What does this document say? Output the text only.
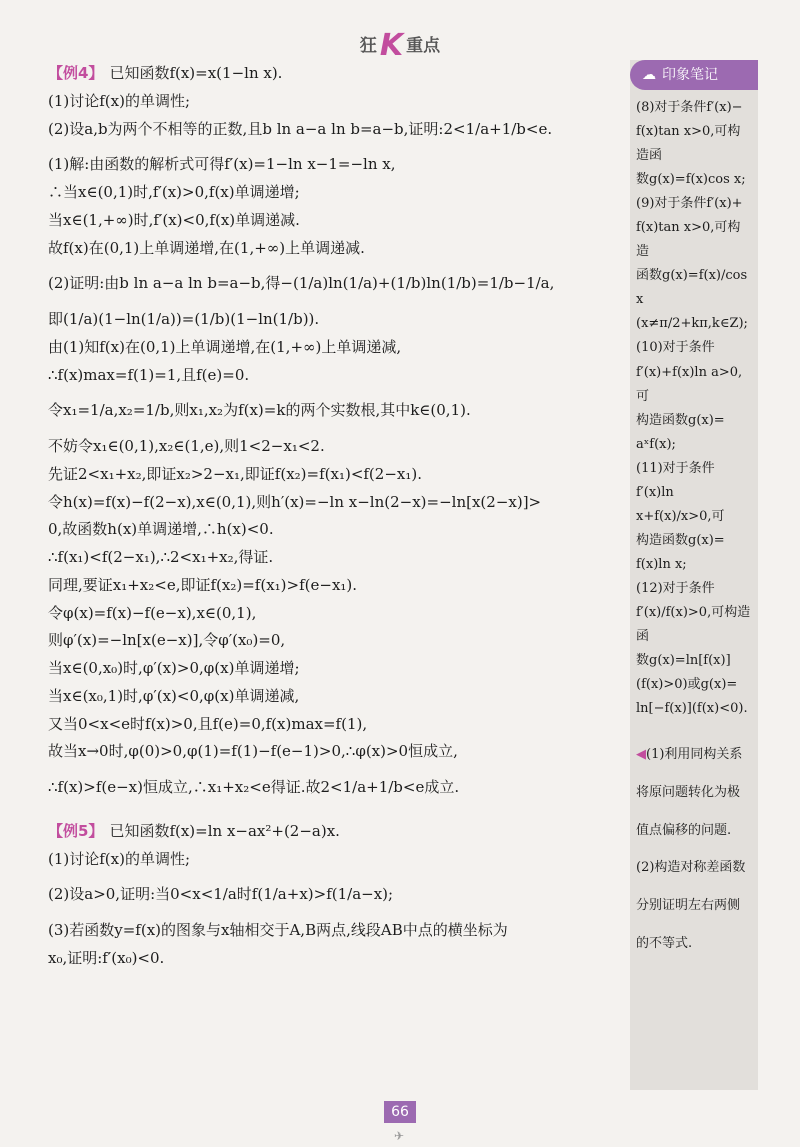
狂 K 重点

【例4】 已知函数f(x)=x(1−ln x).

(1)讨论f(x)的单调性;

(2)设a,b为两个不相等的正数,且b ln a−a ln b=a−b,证明:2<1/a+1/b<e.

(1)解:由函数的解析式可得f′(x)=1−ln x−1=−ln x,

∴当x∈(0,1)时,f′(x)>0,f(x)单调递增;

当x∈(1,+∞)时,f′(x)<0,f(x)单调递减.

故f(x)在(0,1)上单调递增,在(1,+∞)上单调递减.

(2)证明:由b ln a−a ln b=a−b,得−(1/a)ln(1/a)+(1/b)ln(1/b)=1/b−1/a,

即(1/a)(1−ln(1/a))=(1/b)(1−ln(1/b)).

由(1)知f(x)在(0,1)上单调递增,在(1,+∞)上单调递减,

∴f(x)max=f(1)=1,且f(e)=0.

令x₁=1/a,x₂=1/b,则x₁,x₂为f(x)=k的两个实数根,其中k∈(0,1).

不妨令x₁∈(0,1),x₂∈(1,e),则1<2−x₁<2.

先证2<x₁+x₂,即证x₂>2−x₁,即证f(x₂)=f(x₁)<f(2−x₁).

令h(x)=f(x)−f(2−x),x∈(0,1),则h′(x)=−ln x−ln(2−x)=−ln[x(2−x)]>

0,故函数h(x)单调递增,∴h(x)<0.

∴f(x₁)<f(2−x₁),∴2<x₁+x₂,得证.

同理,要证x₁+x₂<e,即证f(x₂)=f(x₁)>f(e−x₁).

令φ(x)=f(x)−f(e−x),x∈(0,1),

则φ′(x)=−ln[x(e−x)],令φ′(x₀)=0,

当x∈(0,x₀)时,φ′(x)>0,φ(x)单调递增;

当x∈(x₀,1)时,φ′(x)<0,φ(x)单调递减,

又当0<x<e时f(x)>0,且f(e)=0,f(x)max=f(1),

故当x→0时,φ(0)>0,φ(1)=f(1)−f(e−1)>0,∴φ(x)>0恒成立,

∴f(x)>f(e−x)恒成立,∴x₁+x₂<e得证.故2<1/a+1/b<e成立.

【例5】 已知函数f(x)=ln x−ax²+(2−a)x.

(1)讨论f(x)的单调性;

(2)设a>0,证明:当0<x<1/a时f(1/a+x)>f(1/a−x);

(3)若函数y=f(x)的图象与x轴相交于A,B两点,线段AB中点的横坐标为

x₀,证明:f′(x₀)<0.

☁ 印象笔记

(8)对于条件f′(x)−

f(x)tan x>0,可构造函

数g(x)=f(x)cos x;

(9)对于条件f′(x)+

f(x)tan x>0,可构造

函数g(x)=f(x)/cos x

(x≠π/2+kπ,k∈Z);

(10)对于条件

f′(x)+f(x)ln a>0,可

构造函数g(x)=

aˣf(x);

(11)对于条件

f′(x)ln x+f(x)/x>0,可

构造函数g(x)=

f(x)ln x;

(12)对于条件

f′(x)/f(x)>0,可构造函

数g(x)=ln[f(x)]

(f(x)>0)或g(x)=

ln[−f(x)](f(x)<0).

◀(1)利用同构关系

将原问题转化为极

值点偏移的问题.

(2)构造对称差函数

分别证明左右两侧

的不等式.

66
✈
